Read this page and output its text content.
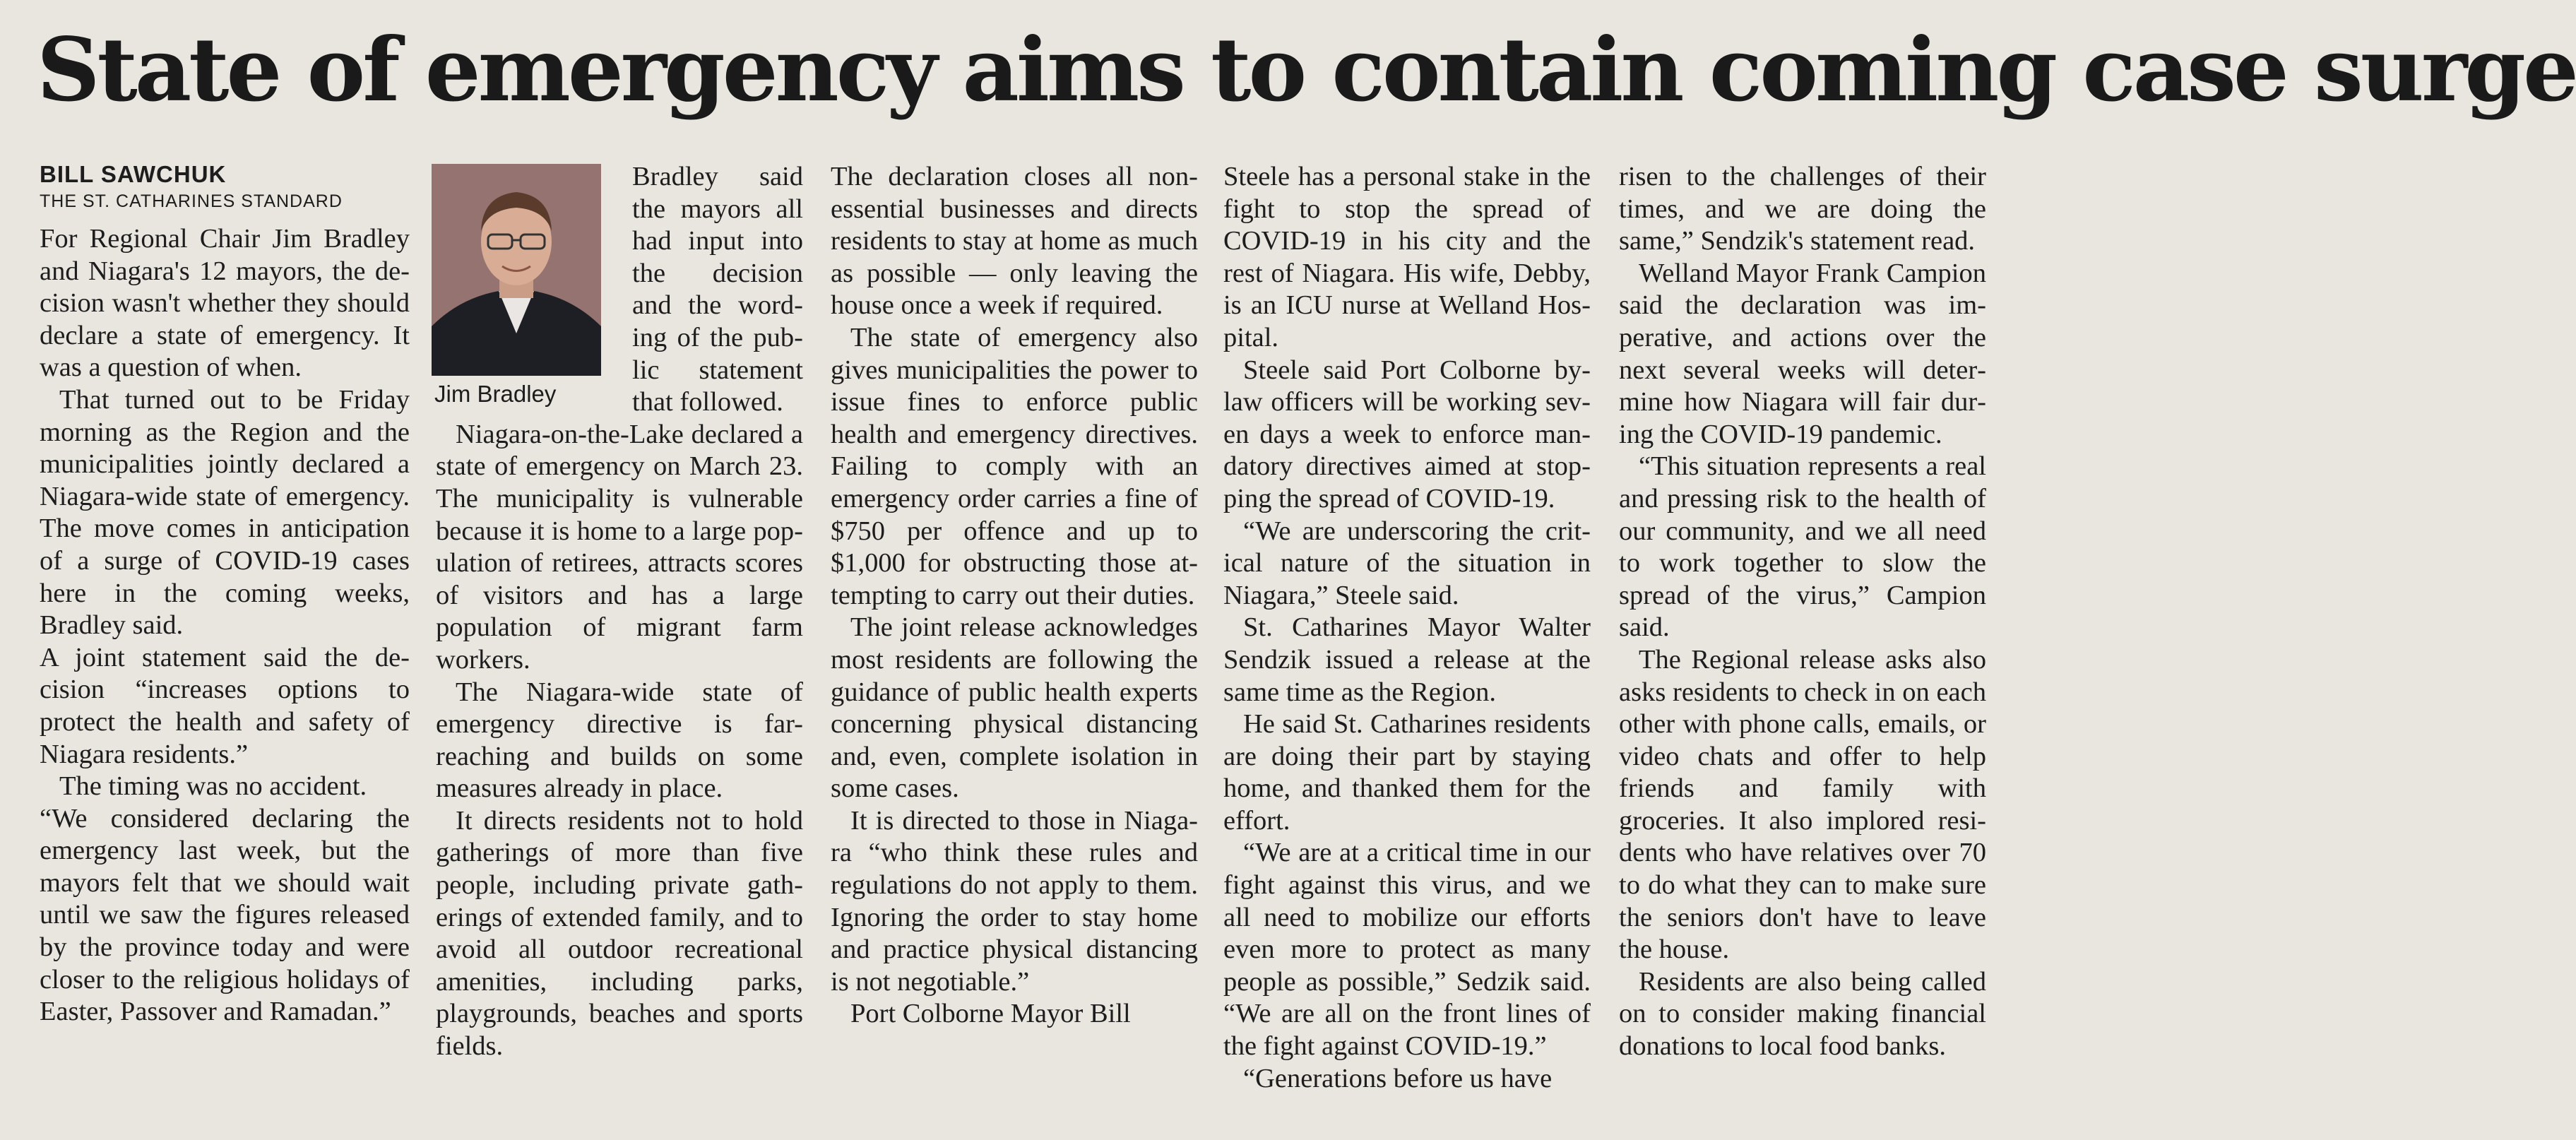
State of emergency aims to contain coming case surge
BILL SAWCHUK
THE ST. CATHARINES STANDARD

For Regional Chair Jim Bradley and Niagara's 12 mayors, the decision wasn't whether they should declare a state of emergency. It was a question of when.

That turned out to be Friday morning as the Region and the municipalities jointly declared a Niagara-wide state of emergency. The move comes in anticipation of a surge of COVID-19 cases here in the coming weeks, Bradley said.

A joint statement said the decision “increases options to protect the health and safety of Niagara residents.”

The timing was no accident.

“We considered declaring the emergency last week, but the mayors felt that we should wait until we saw the figures released by the province today and were closer to the religious holidays of Easter, Passover and Ramadan.”

Jim Bradley

Bradley said the mayors all had input into the decision and the wording of the public statement that followed.

Niagara-on-the-Lake declared a state of emergency on March 23. The municipality is vulnerable because it is home to a large population of retirees, attracts scores of visitors and has a large population of migrant farm workers.

The Niagara-wide state of emergency directive is far-reaching and builds on some measures already in place.

It directs residents not to hold gatherings of more than five people, including private gatherings of extended family, and to avoid all outdoor recreational amenities, including parks, playgrounds, beaches and sports fields.

The declaration closes all non-essential businesses and directs residents to stay at home as much as possible — only leaving the house once a week if required.

The state of emergency also gives municipalities the power to issue fines to enforce public health and emergency directives. Failing to comply with an emergency order carries a fine of $750 per offence and up to $1,000 for obstructing those attempting to carry out their duties.

The joint release acknowledges most residents are following the guidance of public health experts concerning physical distancing and, even, complete isolation in some cases.

It is directed to those in Niagara “who think these rules and regulations do not apply to them. Ignoring the order to stay home and practice physical distancing is not negotiable.”

Port Colborne Mayor Bill

Steele has a personal stake in the fight to stop the spread of COVID-19 in his city and the rest of Niagara. His wife, Debby, is an ICU nurse at Welland Hospital.

Steele said Port Colborne bylaw officers will be working seven days a week to enforce mandatory directives aimed at stopping the spread of COVID-19.

“We are underscoring the critical nature of the situation in Niagara,” Steele said.

St. Catharines Mayor Walter Sendzik issued a release at the same time as the Region.

He said St. Catharines residents are doing their part by staying home, and thanked them for the effort.

“We are at a critical time in our fight against this virus, and we all need to mobilize our efforts even more to protect as many people as possible,” Sedzik said. “We are all on the front lines of the fight against COVID-19.”

“Generations before us have

risen to the challenges of their times, and we are doing the same,” Sendzik's statement read.

Welland Mayor Frank Campion said the declaration was imperative, and actions over the next several weeks will determine how Niagara will fair during the COVID-19 pandemic.

“This situation represents a real and pressing risk to the health of our community, and we all need to work together to slow the spread of the virus,” Campion said.

The Regional release asks also asks residents to check in on each other with phone calls, emails, or video chats and offer to help friends and family with groceries. It also implored residents who have relatives over 70 to do what they can to make sure the seniors don't have to leave the house.

Residents are also being called on to consider making financial donations to local food banks.
